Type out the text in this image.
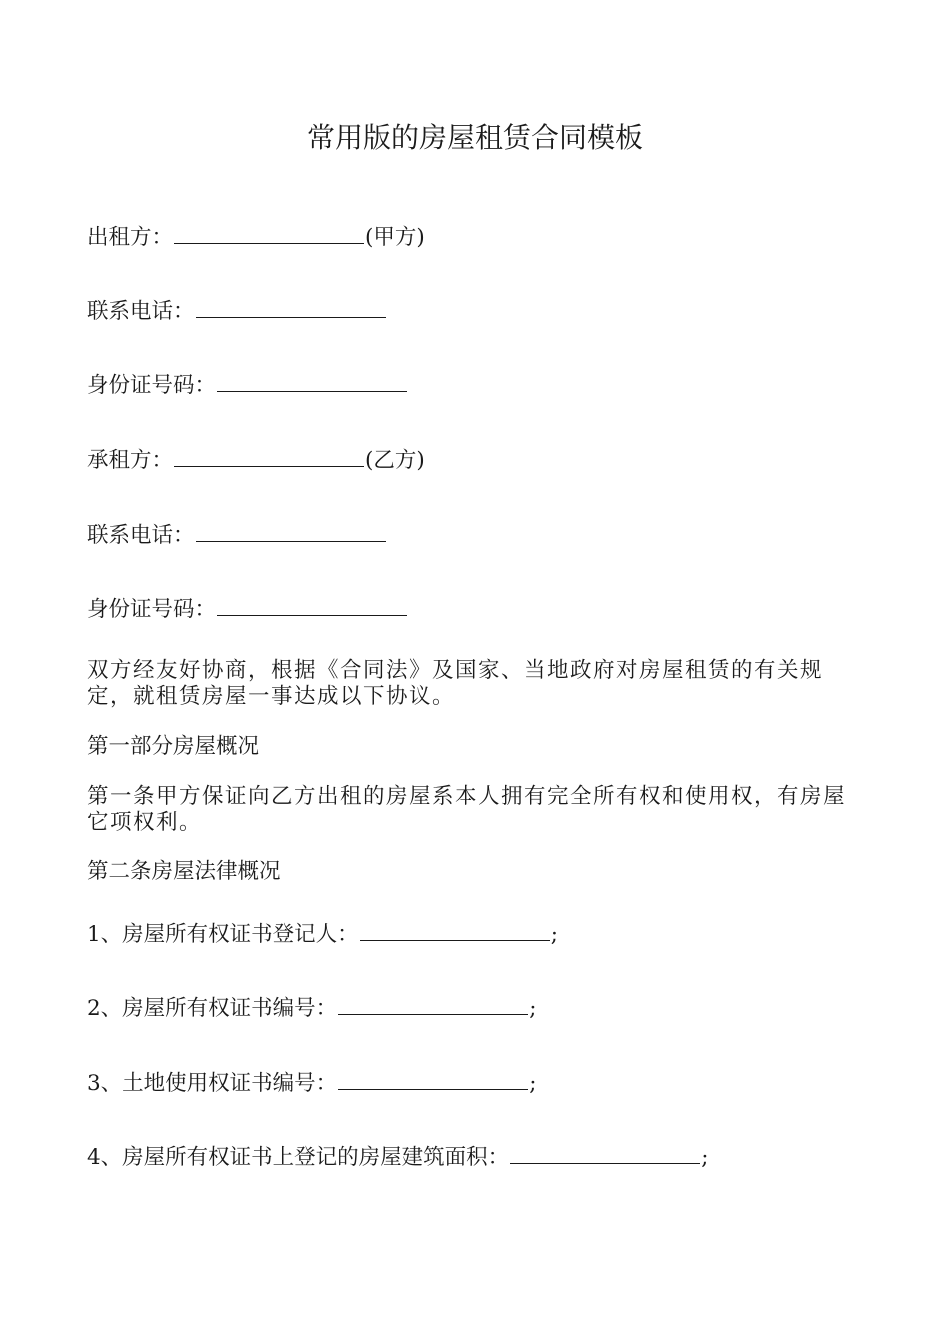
常用版的房屋租赁合同模板
出租方：	(甲方)
联系电话：
身份证号码：
承租方：	(乙方)
联系电话：
身份证号码：

双方经友好协商，根据《合同法》及国家、当地政府对房屋租赁的有关规定，就租赁房屋一事达成以下协议。

第一部分房屋概况

第一条甲方保证向乙方出租的房屋系本人拥有完全所有权和使用权，有房屋它项权利。

第二条房屋法律概况
1、房屋所有权证书登记人：	;
2、房屋所有权证书编号：	;
3、土地使用权证书编号：	;
4、房屋所有权证书上登记的房屋建筑面积：	;
